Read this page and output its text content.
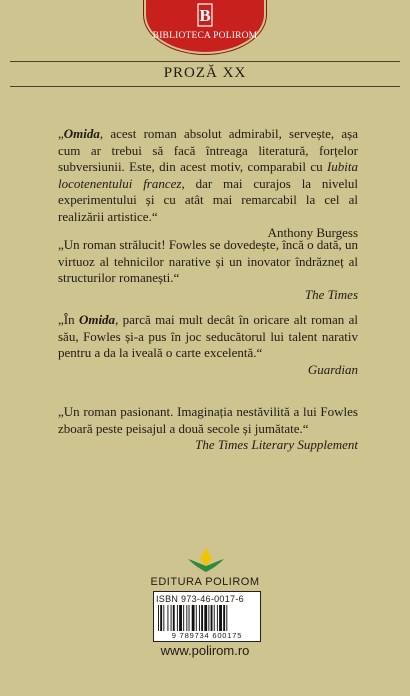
B
BIBLIOTECA POLIROM
PROZĂ XX

„Omida, acest roman absolut admirabil, servește, așa cum ar trebui să facă întreaga literatură, forțelor subversiunii. Este, din acest motiv, comparabil cu Iubita locotenentului francez, dar mai curajos la nivelul experimentului și cu atât mai remarcabil la cel al realizării artistice.“

Anthony Burgess

„Un roman strălucit! Fowles se dovedește, încă o dată, un virtuoz al tehnicilor narative și un inovator îndrăzneț al structurilor romanești.“

The Times

„În Omida, parcă mai mult decât în oricare alt roman al său, Fowles și-a pus în joc seducătorul lui talent narativ pentru a da la iveală o carte excelentă.“

Guardian

„Un roman pasionant. Imaginația nestăvilită a lui Fowles zboară peste peisajul a două secole și jumătate.“

The Times Literary Supplement
EDITURA POLIROM
ISBN 973-46-0017-6
9 789734 600175
www.polirom.ro
